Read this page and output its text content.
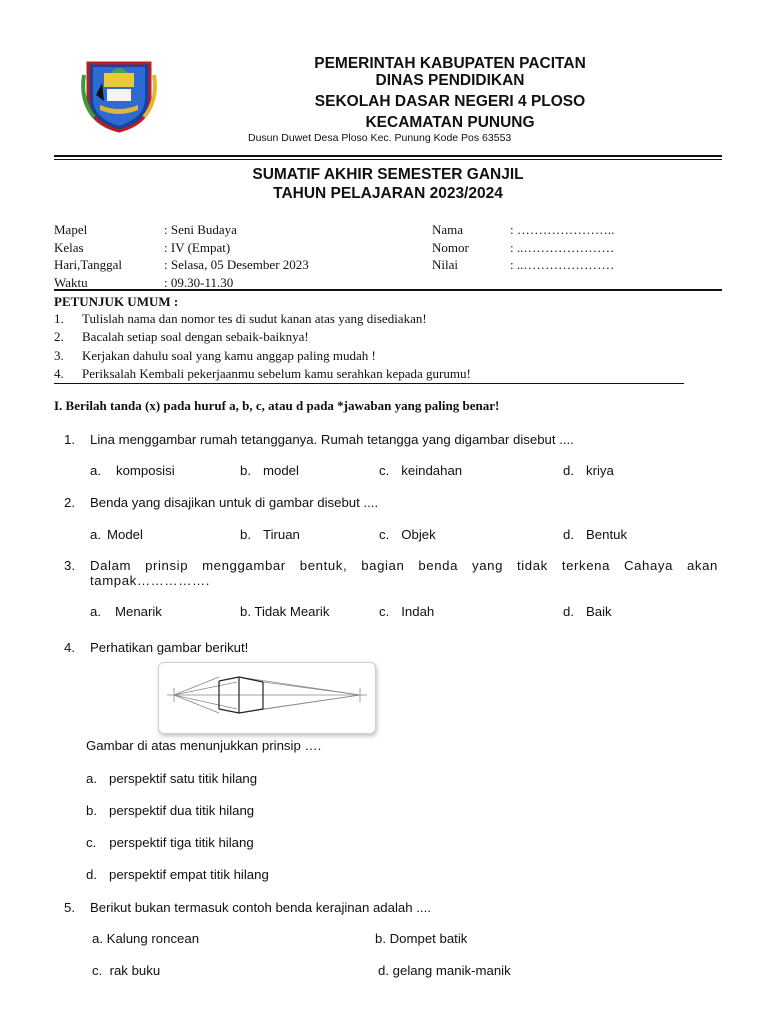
PEMERINTAH KABUPATEN PACITAN
DINAS PENDIDIKAN
SEKOLAH DASAR NEGERI 4 PLOSO
KECAMATAN PUNUNG
Dusun Duwet Desa Ploso Kec. Punung Kode Pos 63553
SUMATIF AKHIR SEMESTER GANJIL
TAHUN PELAJARAN 2023/2024
Mapel	: Seni Budaya
Kelas	: IV (Empat)
Hari,Tanggal	: Selasa, 05 Desember 2023
Waktu	: 09.30-11.30
Nama	: …………………..
Nomor	: ..…………………
Nilai	: ..…………………
PETUNJUK UMUM :
1. Tulislah nama dan nomor tes di sudut kanan atas yang disediakan!
2. Bacalah setiap soal dengan sebaik-baiknya!
3. Kerjakan dahulu soal yang kamu anggap paling mudah !
4. Periksalah Kembali pekerjaanmu sebelum kamu serahkan kepada gurumu!
I. Berilah tanda (x) pada huruf a, b, c, atau d pada *jawaban yang paling benar!
1. Lina menggambar rumah tetangganya. Rumah tetangga yang digambar disebut ....
a. komposisi	b. model	c. keindahan	d. kriya
2. Benda yang disajikan untuk di gambar disebut ....
a. Model	b. Tiruan	c. Objek	d. Bentuk
3. Dalam prinsip menggambar bentuk, bagian benda yang tidak terkena Cahaya akan
tampak…………….
a. Menarik	b. Tidak Mearik	c. Indah	d. Baik
4. Perhatikan gambar berikut!
Gambar di atas menunjukkan prinsip ….
a. perspektif satu titik hilang
b. perspektif dua titik hilang
c. perspektif tiga titik hilang
d. perspektif empat titik hilang
5. Berikut bukan termasuk contoh benda kerajinan adalah ....
a. Kalung roncean	b. Dompet batik
c.  rak buku	d. gelang manik-manik
